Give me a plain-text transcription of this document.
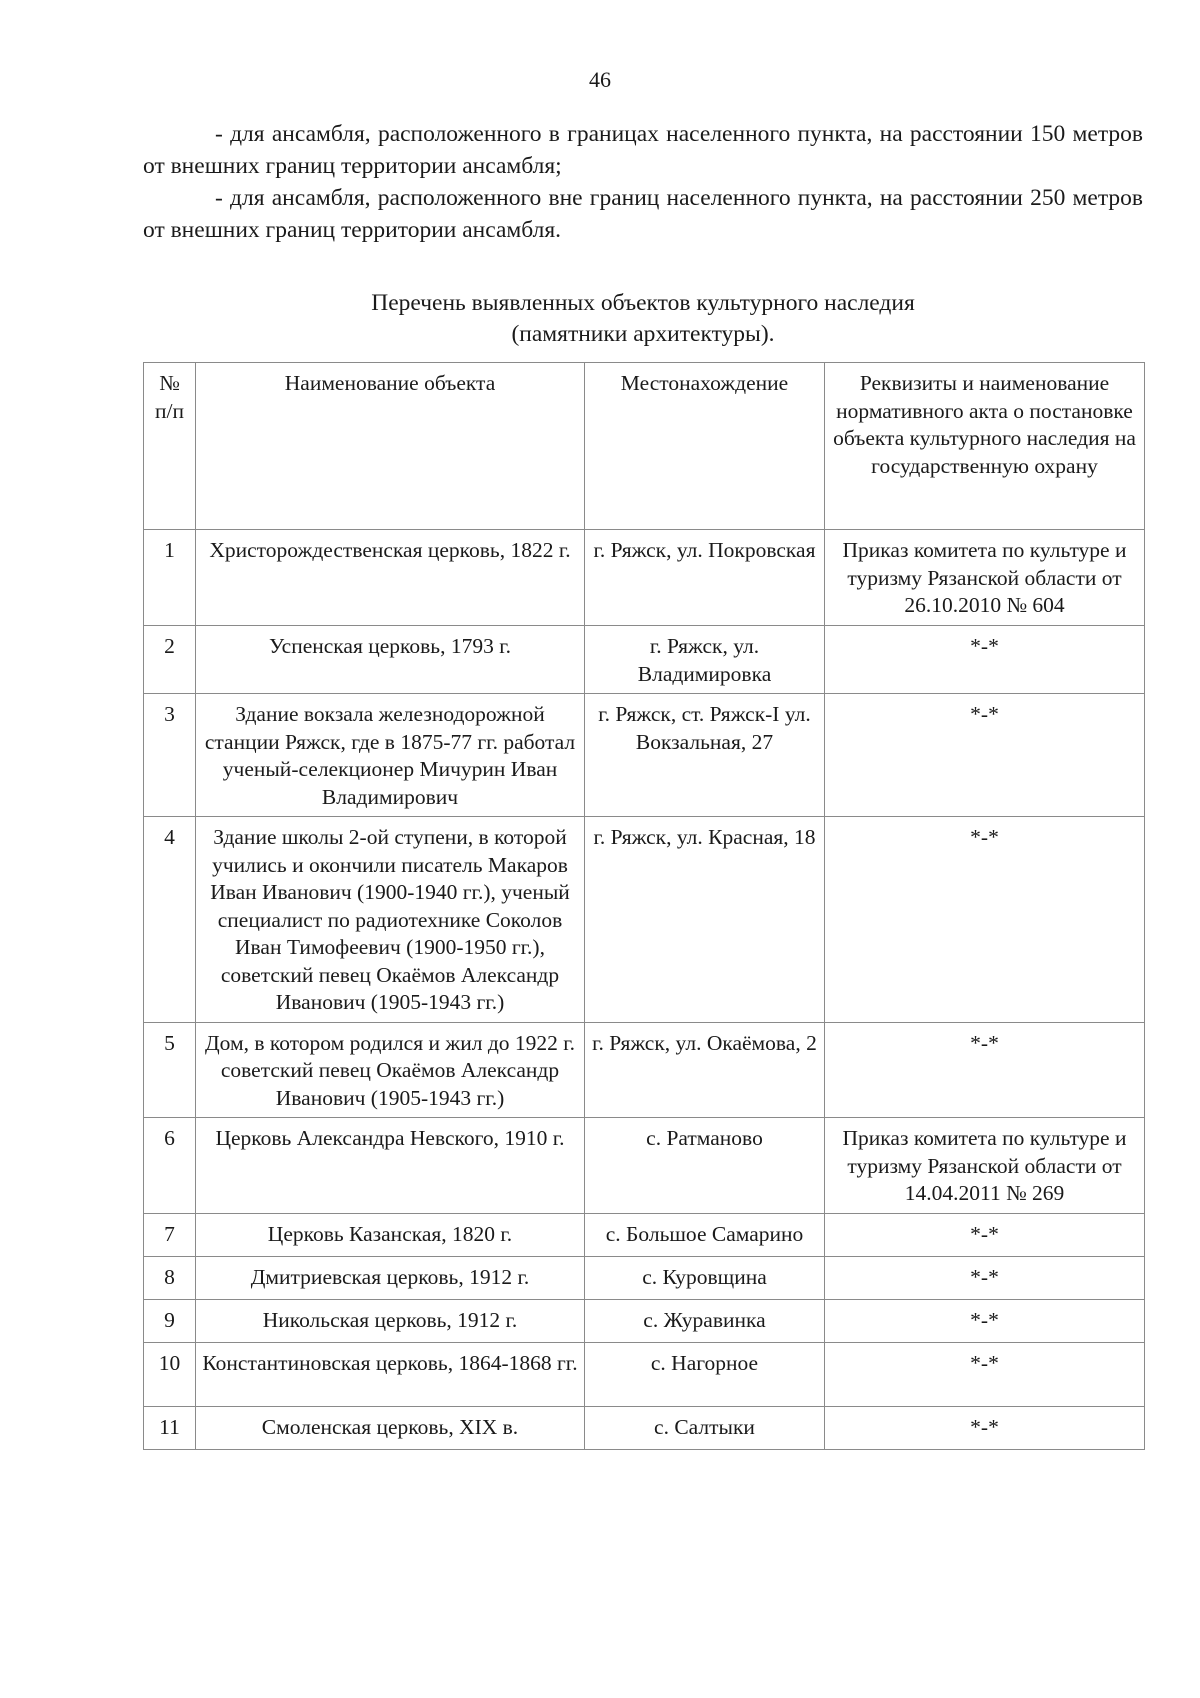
46

- для ансамбля, расположенного в границах населенного пункта, на расстоянии 150 метров от внешних границ территории ансамбля;

- для ансамбля, расположенного вне границ населенного пункта, на расстоянии 250 метров от внешних границ территории ансамбля.

Перечень выявленных объектов культурного наследия
(памятники архитектуры).
№ п/п	Наименование объекта	Местонахождение	Реквизиты и наименование нормативного акта о постановке объекта культурного наследия на государственную охрану
1	Христорождественская церковь, 1822 г.	г. Ряжск, ул. Покровская	Приказ комитета по культуре и туризму Рязанской области от 26.10.2010 № 604
2	Успенская церковь, 1793 г.	г. Ряжск, ул. Владимировка	*-*
3	Здание вокзала железнодорожной станции Ряжск, где в 1875-77 гг. работал ученый-селекционер Мичурин Иван Владимирович	г. Ряжск, ст. Ряжск-I ул. Вокзальная, 27	*-*
4	Здание школы 2-ой ступени, в которой учились и окончили писатель Макаров Иван Иванович (1900-1940 гг.), ученый специалист по радиотехнике Соколов Иван Тимофеевич (1900-1950 гг.), советский певец Окаёмов Александр Иванович (1905-1943 гг.)	г. Ряжск, ул. Красная, 18	*-*
5	Дом, в котором родился и жил до 1922 г. советский певец Окаёмов Александр Иванович (1905-1943 гг.)	г. Ряжск, ул. Окаёмова, 2	*-*
6	Церковь Александра Невского, 1910 г.	с. Ратманово	Приказ комитета по культуре и туризму Рязанской области от 14.04.2011 № 269
7	Церковь Казанская, 1820 г.	с. Большое Самарино	*-*
8	Дмитриевская церковь, 1912 г.	с. Куровщина	*-*
9	Никольская церковь, 1912 г.	с. Журавинка	*-*
10	Константиновская церковь, 1864-1868 гг.	с. Нагорное	*-*
11	Смоленская церковь, XIX в.	с. Салтыки	*-*
